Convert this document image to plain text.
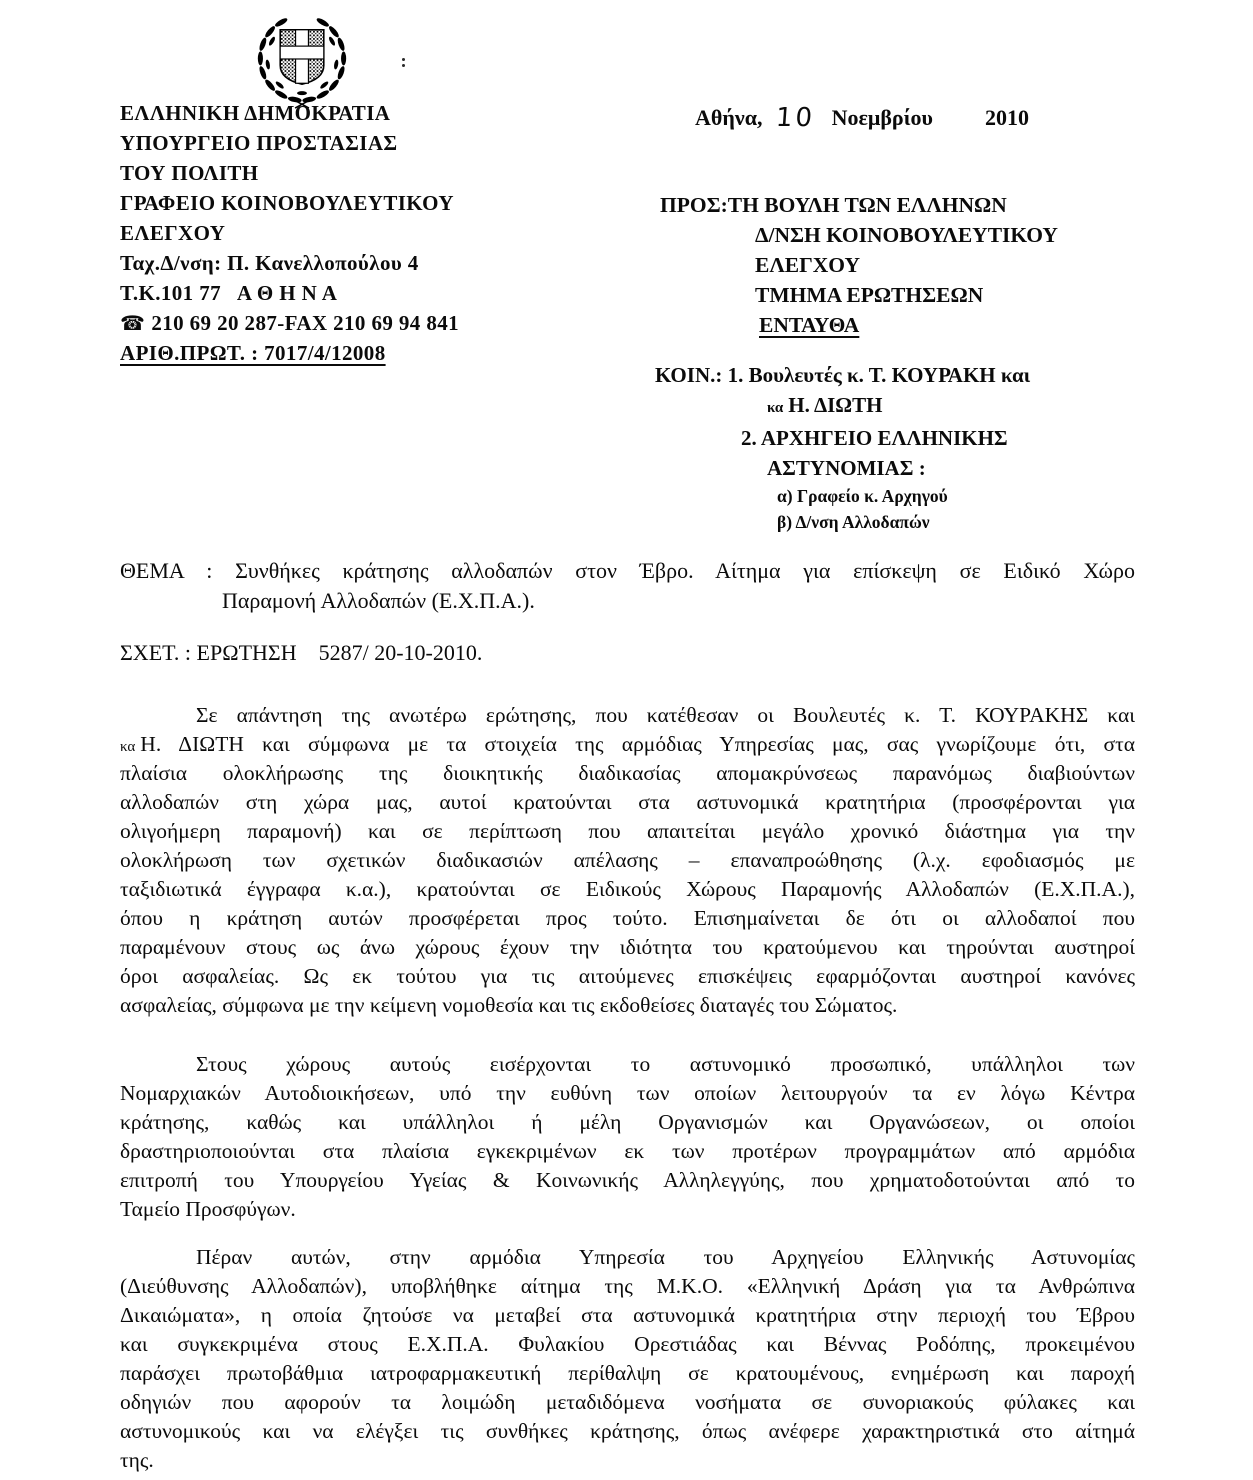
ΕΛΛΗΝΙΚΗ ΔΗΜΟΚΡΑΤΙΑ
ΥΠΟΥΡΓΕΙΟ ΠΡΟΣΤΑΣΙΑΣ
ΤΟΥ ΠΟΛΙΤΗ
ΓΡΑΦΕΙΟ ΚΟΙΝΟΒΟΥΛΕΥΤΙΚΟΥ
ΕΛΕΓΧΟΥ
Ταχ.Δ/νση: Π. Κανελλοπούλου 4
Τ.Κ.101 77   Α Θ Η Ν Α
☎ 210 69 20 287-FAX 210 69 94 841
ΑΡΙΘ.ΠΡΩΤ. : 7017/4/12008
Αθήνα, 10 Νοεμβρίου 2010
ΠΡΟΣ:ΤΗ ΒΟΥΛΗ ΤΩΝ ΕΛΛΗΝΩΝ
Δ/ΝΣΗ ΚΟΙΝΟΒΟΥΛΕΥΤΙΚΟΥ
ΕΛΕΓΧΟΥ
ΤΜΗΜΑ ΕΡΩΤΗΣΕΩΝ
ΕΝΤΑΥΘΑ
ΚΟΙΝ.: 1. Βουλευτές κ. Τ. ΚΟΥΡΑΚΗ και
κα Η. ΔΙΩΤΗ
2. ΑΡΧΗΓΕΙΟ ΕΛΛΗΝΙΚΗΣ
ΑΣΤΥΝΟΜΙΑΣ :
α) Γραφείο κ. Αρχηγού
β) Δ/νση Αλλοδαπών
ΘΕΜΑ : Συνθήκες κράτησης αλλοδαπών στον Έβρο. Αίτημα για επίσκεψη σε Ειδικό Χώρο
Παραμονή Αλλοδαπών (Ε.Χ.Π.Α.).
ΣΧΕΤ. : ΕΡΩΤΗΣΗ    5287/ 20-10-2010.
Σε απάντηση της ανωτέρω ερώτησης, που κατέθεσαν οι Βουλευτές κ. Τ. ΚΟΥΡΑΚΗΣ και
κα Η. ΔΙΩΤΗ και σύμφωνα με τα στοιχεία της αρμόδιας Υπηρεσίας μας, σας γνωρίζουμε ότι, στα
πλαίσια ολοκλήρωσης της διοικητικής διαδικασίας απομακρύνσεως παρανόμως διαβιούντων
αλλοδαπών στη χώρα μας, αυτοί κρατούνται στα αστυνομικά κρατητήρια (προσφέρονται για
ολιγοήμερη παραμονή) και σε περίπτωση που απαιτείται μεγάλο χρονικό διάστημα για την
ολοκλήρωση των σχετικών διαδικασιών απέλασης – επαναπροώθησης (λ.χ. εφοδιασμός με
ταξιδιωτικά έγγραφα κ.α.), κρατούνται σε Ειδικούς Χώρους Παραμονής Αλλοδαπών (Ε.Χ.Π.Α.),
όπου η κράτηση αυτών προσφέρεται προς τούτο. Επισημαίνεται δε ότι οι αλλοδαποί που
παραμένουν στους ως άνω χώρους έχουν την ιδιότητα του κρατούμενου και τηρούνται αυστηροί
όροι ασφαλείας. Ως εκ τούτου για τις αιτούμενες επισκέψεις εφαρμόζονται αυστηροί κανόνες
ασφαλείας, σύμφωνα με την κείμενη νομοθεσία και τις εκδοθείσες διαταγές του Σώματος.
Στους χώρους αυτούς εισέρχονται το αστυνομικό προσωπικό, υπάλληλοι των
Νομαρχιακών Αυτοδιοικήσεων, υπό την ευθύνη των οποίων λειτουργούν τα εν λόγω Κέντρα
κράτησης, καθώς και υπάλληλοι ή μέλη Οργανισμών και Οργανώσεων, οι οποίοι
δραστηριοποιούνται στα πλαίσια εγκεκριμένων εκ των προτέρων προγραμμάτων από αρμόδια
επιτροπή του Υπουργείου Υγείας & Κοινωνικής Αλληλεγγύης, που χρηματοδοτούνται από το
Ταμείο Προσφύγων.
Πέραν αυτών, στην αρμόδια Υπηρεσία του Αρχηγείου Ελληνικής Αστυνομίας
(Διεύθυνσης Αλλοδαπών), υποβλήθηκε αίτημα της Μ.Κ.Ο. «Ελληνική Δράση για τα Ανθρώπινα
Δικαιώματα», η οποία ζητούσε να μεταβεί στα αστυνομικά κρατητήρια στην περιοχή του Έβρου
και συγκεκριμένα στους Ε.Χ.Π.Α. Φυλακίου Ορεστιάδας και Βέννας Ροδόπης, προκειμένου
παράσχει πρωτοβάθμια ιατροφαρμακευτική περίθαλψη σε κρατουμένους, ενημέρωση και παροχή
οδηγιών που αφορούν τα λοιμώδη μεταδιδόμενα νοσήματα σε συνοριακούς φύλακες και
αστυνομικούς και να ελέγξει τις συνθήκες κράτησης, όπως ανέφερε χαρακτηριστικά στο αίτημά
της.
